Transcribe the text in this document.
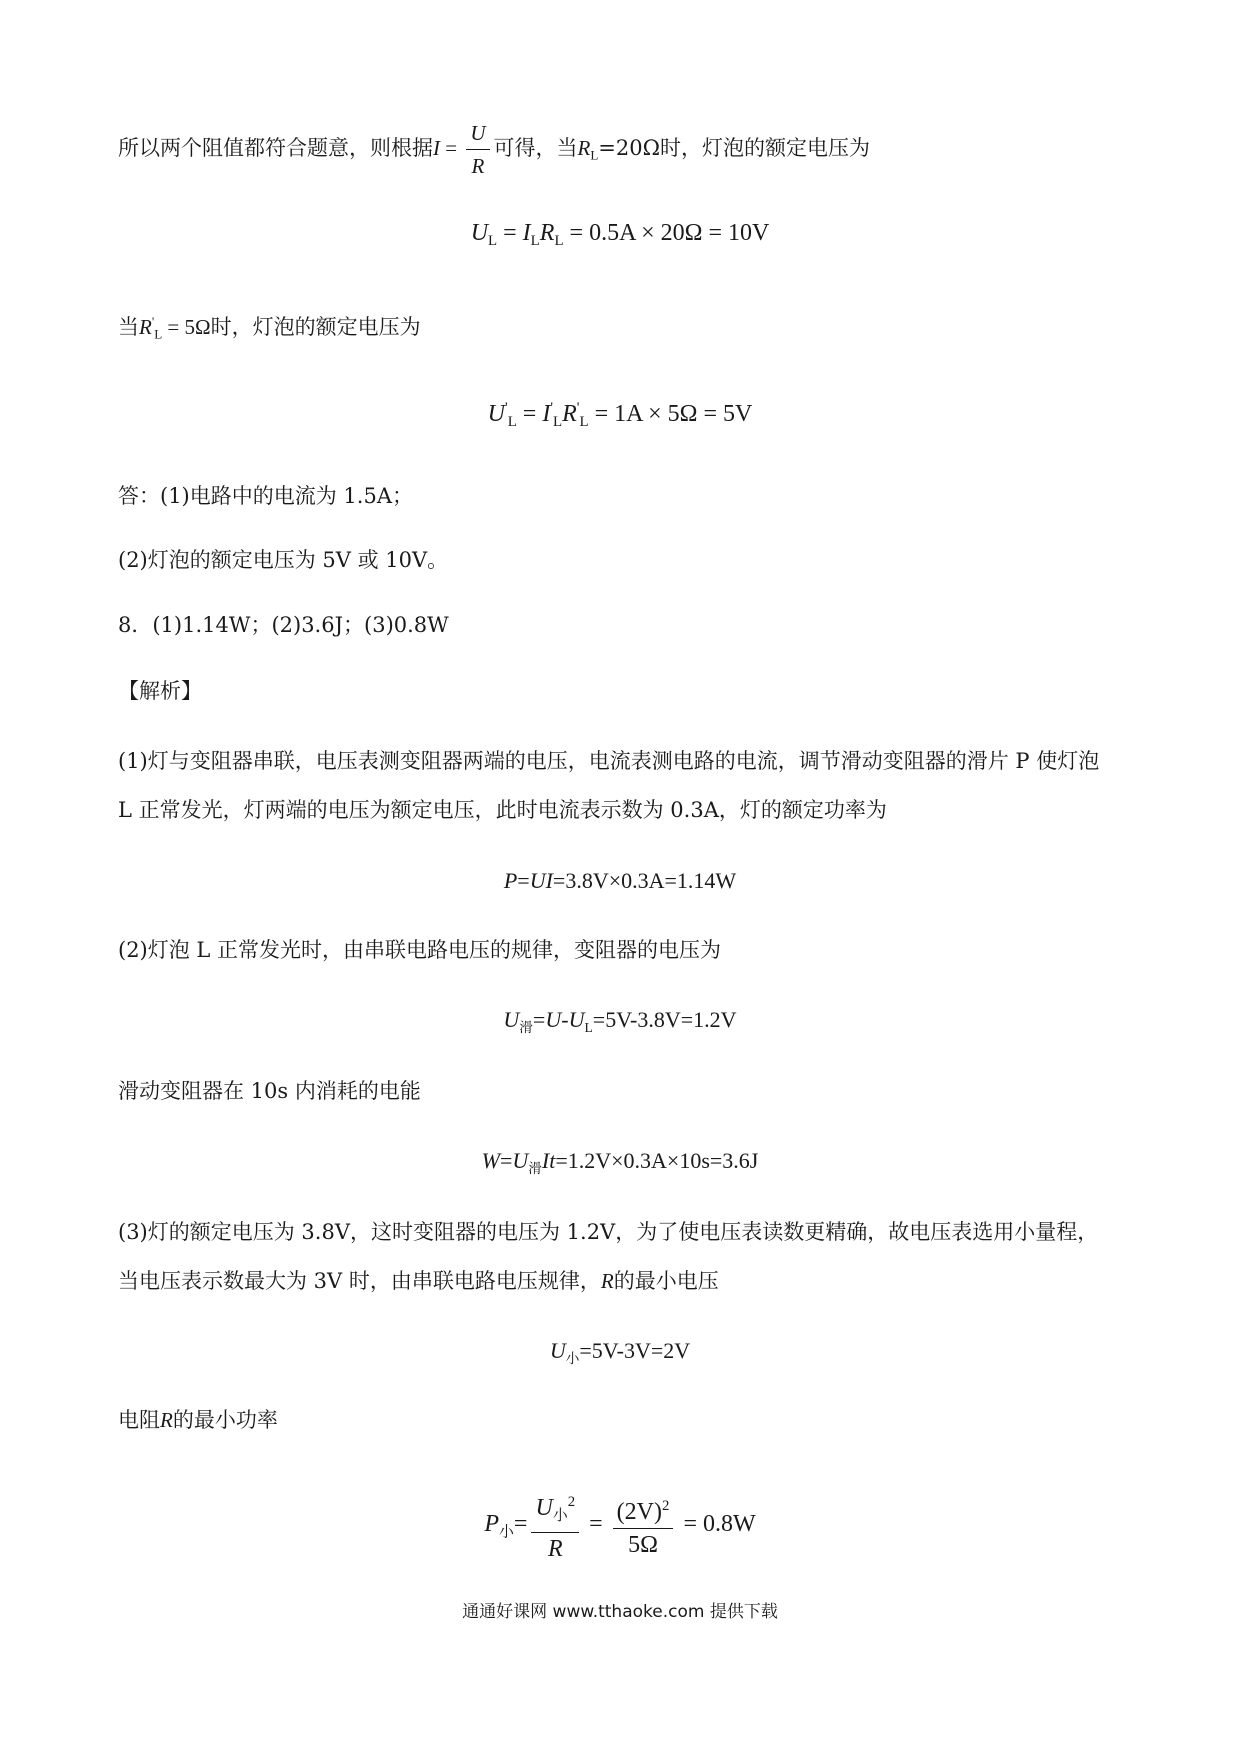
所以两个阻值都符合题意，则根据$I = \frac{U}{R}$ 可得，当$R_L=20\Omega$时，灯泡的额定电压为
$U_L = I_LR_L = 0.5A \times 20\Omega = 10V$
当$R'_L = 5\Omega$时，灯泡的额定电压为
$U'_L = I'_LR'_L = 1A \times 5\Omega = 5V$
答：(1)电路中的电流为 1.5A；
(2)灯泡的额定电压为 5V 或 10V。
8．(1)1.14W；(2)3.6J；(3)0.8W
【解析】
(1)灯与变阻器串联，电压表测变阻器两端的电压，电流表测电路的电流，调节滑动变阻器的滑片 P 使灯泡
L 正常发光，灯两端的电压为额定电压，此时电流表示数为 0.3A，灯的额定功率为
P=UI=3.8V×0.3A=1.14W
(2)灯泡 L 正常发光时，由串联电路电压的规律，变阻器的电压为
$U_滑=U-U_L=5V-3.8V=1.2V$
滑动变阻器在 10s 内消耗的电能
$W=U_滑It=1.2V\times 0.3A\times 10s=3.6J$
(3)灯的额定电压为 3.8V，这时变阻器的电压为 1.2V，为了使电压表读数更精确，故电压表选用小量程，
当电压表示数最大为 3V 时，由串联电路电压规律，R的最小电压
$U_小=5V-3V=2V$
电阻R的最小功率
$P_小= \frac{U_小^2}{R} = \frac{(2V)^2}{5\Omega} = 0.8W$
通通好课网 www.tthaoke.com 提供下载
